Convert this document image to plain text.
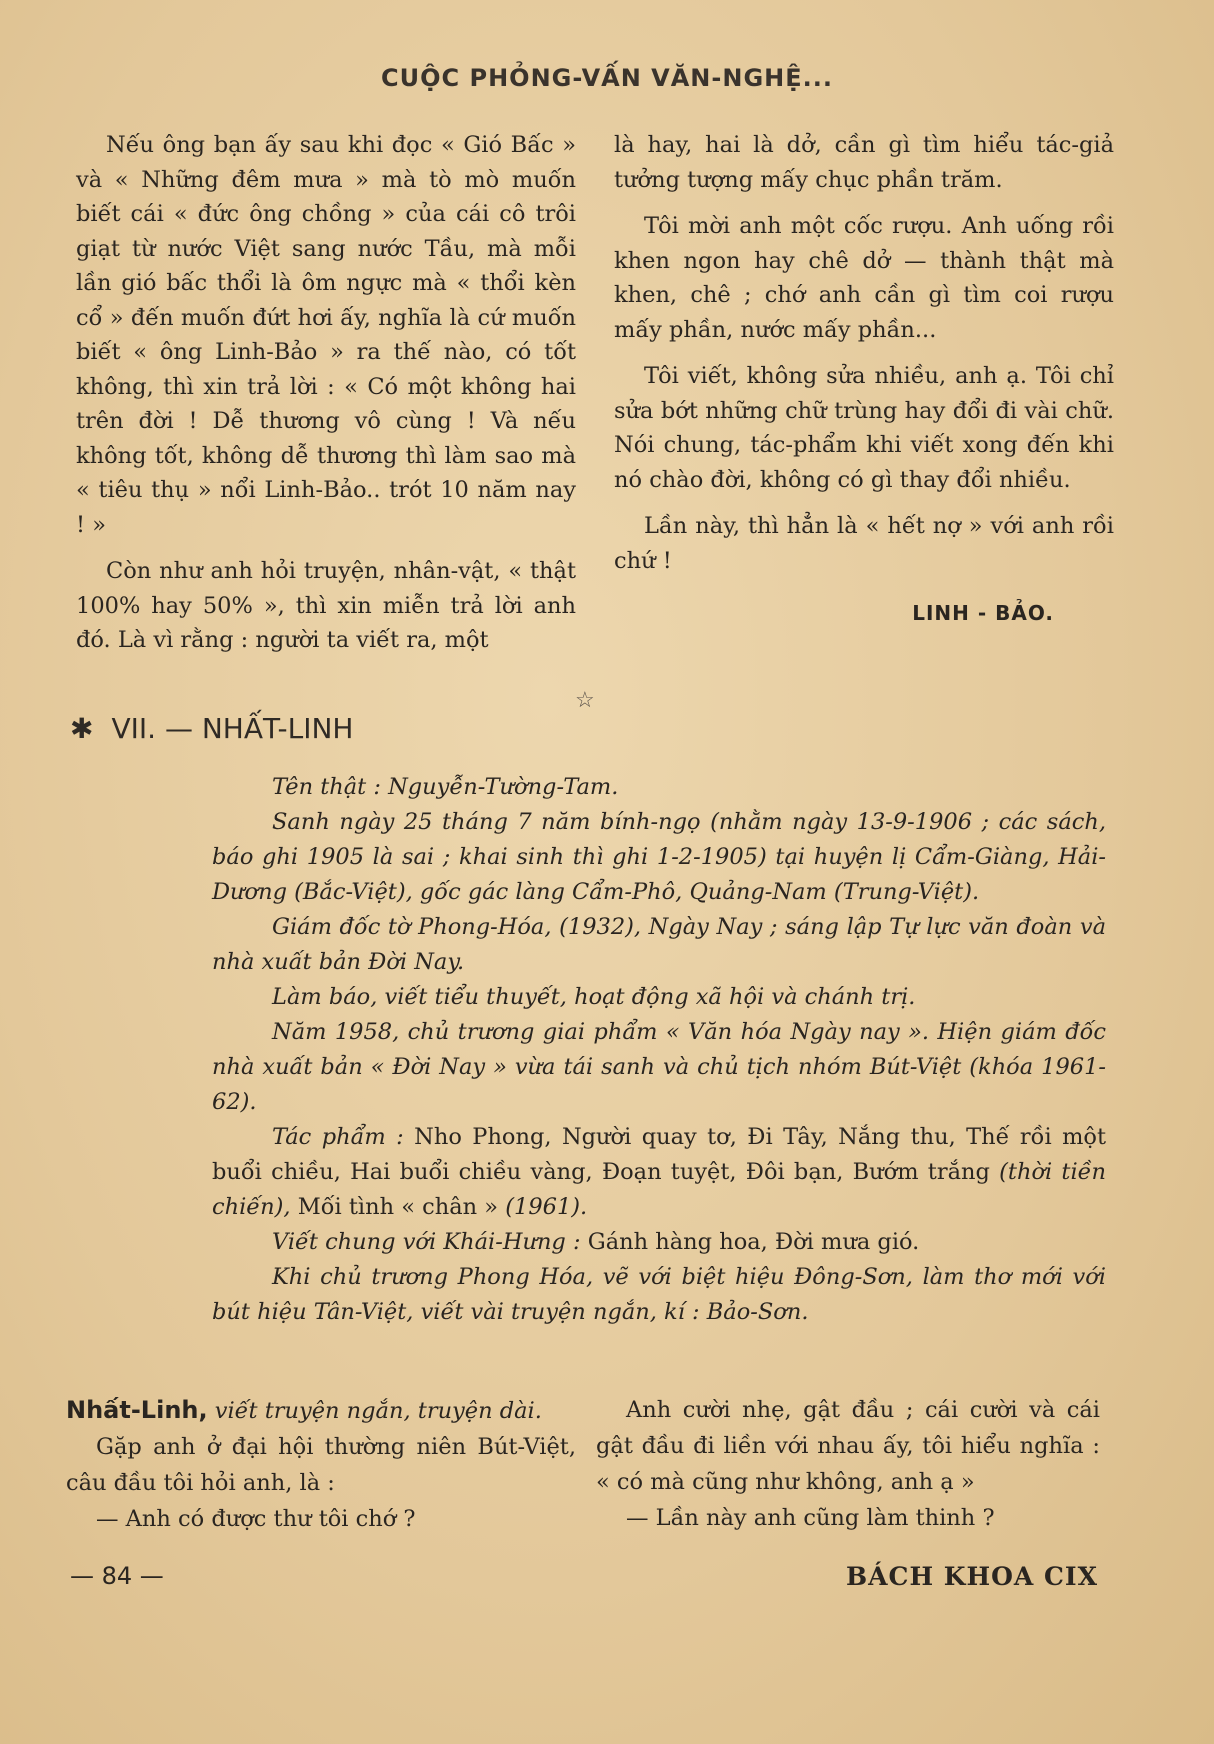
CUỘC PHỎNG-VẤN VĂN-NGHỆ...

Nếu ông bạn ấy sau khi đọc « Gió Bấc » và « Những đêm mưa » mà tò mò muốn biết cái « đức ông chồng » của cái cô trôi giạt từ nước Việt sang nước Tầu, mà mỗi lần gió bấc thổi là ôm ngực mà « thổi kèn cổ » đến muốn đứt hơi ấy, nghĩa là cứ muốn biết « ông Linh-Bảo » ra thế nào, có tốt không, thì xin trả lời : « Có một không hai trên đời ! Dễ thương vô cùng ! Và nếu không tốt, không dễ thương thì làm sao mà « tiêu thụ » nổi Linh-Bảo.. trót 10 năm nay ! »

Còn như anh hỏi truyện, nhân-vật, « thật 100% hay 50% », thì xin miễn trả lời anh đó. Là vì rằng : người ta viết ra, một

là hay, hai là dở, cần gì tìm hiểu tác-giả tưởng tượng mấy chục phần trăm.

Tôi mời anh một cốc rượu. Anh uống rồi khen ngon hay chê dở — thành thật mà khen, chê ; chớ anh cần gì tìm coi rượu mấy phần, nước mấy phần...

Tôi viết, không sửa nhiều, anh ạ. Tôi chỉ sửa bớt những chữ trùng hay đổi đi vài chữ. Nói chung, tác-phẩm khi viết xong đến khi nó chào đời, không có gì thay đổi nhiều.

Lần này, thì hẳn là « hết nợ » với anh rồi chứ !

LINH - BẢO.
☆
✱ VII. — NHẤT-LINH

Tên thật : Nguyễn-Tường-Tam.

Sanh ngày 25 tháng 7 năm bính-ngọ (nhằm ngày 13-9-1906 ; các sách, báo ghi 1905 là sai ; khai sinh thì ghi 1-2-1905) tại huyện lị Cẩm-Giàng, Hải-Dương (Bắc-Việt), gốc gác làng Cẩm-Phô, Quảng-Nam (Trung-Việt).

Giám đốc tờ Phong-Hóa, (1932), Ngày Nay ; sáng lập Tự lực văn đoàn và nhà xuất bản Đời Nay.

Làm báo, viết tiểu thuyết, hoạt động xã hội và chánh trị.

Năm 1958, chủ trương giai phẩm « Văn hóa Ngày nay ». Hiện giám đốc nhà xuất bản « Đời Nay » vừa tái sanh và chủ tịch nhóm Bút-Việt (khóa 1961-62).

Tác phẩm : Nho Phong, Người quay tơ, Đi Tây, Nắng thu, Thế rồi một buổi chiều, Hai buổi chiều vàng, Đoạn tuyệt, Đôi bạn, Bướm trắng (thời tiền chiến), Mối tình « chân » (1961).

Viết chung với Khái-Hưng : Gánh hàng hoa, Đời mưa gió.

Khi chủ trương Phong Hóa, vẽ với biệt hiệu Đông-Sơn, làm thơ mới với bút hiệu Tân-Việt, viết vài truyện ngắn, kí : Bảo-Sơn.

Nhất-Linh, viết truyện ngắn, truyện dài.

Gặp anh ở đại hội thường niên Bút-Việt, câu đầu tôi hỏi anh, là :

— Anh có được thư tôi chớ ?

Anh cười nhẹ, gật đầu ; cái cười và cái gật đầu đi liền với nhau ấy, tôi hiểu nghĩa : « có mà cũng như không, anh ạ »

— Lần này anh cũng làm thinh ?

— 84 —	BÁCH KHOA CIX
